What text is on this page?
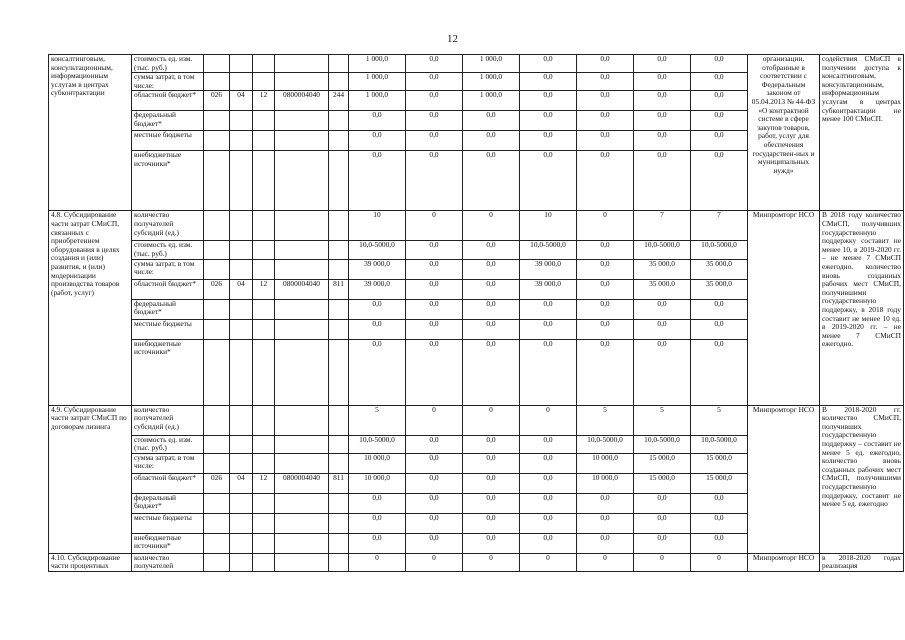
12
консалтинговым, консультационным, информационным услугам в центрах субконтрактации	стоимость ед. изм. (тыс. руб.)						1 000,0	0,0	1 000,0	0,0	0,0	0,0	0,0	организации, отобранные в соответствии с Федеральным законом от 05.04.2013 № 44-ФЗ «О контрактной системе в сфере закупов товаров, работ, услуг для обеспечения государствен-ных и муниципальных нужд»	содействия СМиСП в получении доступа к консалтинговым, консультационным, информационным услугам в центрах субконтрактации не менее 100 СМиСП.
	сумма затрат, в том числе:						1 000,0	0,0	1 000,0	0,0	0,0	0,0	0,0		
	областной бюджет*	026	04	12	0800004040	244	1 000,0	0,0	1 000,0	0,0	0,0	0,0	0,0		
	федеральный бюджет*						0,0	0,0	0,0	0,0	0,0	0,0	0,0		
	местные бюджеты						0,0	0,0	0,0	0,0	0,0	0,0	0,0		
	внебюджетные источники*						0,0	0,0	0,0	0,0	0,0	0,0	0,0		
4.8. Субсидирование части затрат СМиСП, связанных с приобретением оборудования в целях создания и (или) развития, и (или) модернизации производства товаров (работ, услуг)	количество получателей субсидий (ед.)						10	0	0	10	0	7	7	Минпромторг НСО	В 2018 году количество СМиСП, получивших государственную поддержку составит не менее 10, в 2019-2020 гг. – не менее 7 СМиСП ежегодно. количество вновь созданных рабочих мест СМиСП, получившими государственную поддержку, в 2018 году составит не менее 10 ед. в 2019-2020 гг. – не менее 7 СМиСП ежегодно.
	стоимость ед. изм. (тыс. руб.)						10,0-5000,0	0,0	0,0	10,0-5000,0	0,0	10,0-5000,0	10,0-5000,0		
	сумма затрат, в том числе:						39 000,0	0,0	0,0	39 000,0	0,0	35 000,0	35 000,0		
	областной бюджет*	026	04	12	0800004040	811	39 000,0	0,0	0,0	39 000,0	0,0	35 000,0	35 000,0		
	федеральный бюджет*						0,0	0,0	0,0	0,0	0,0	0,0	0,0		
	местные бюджеты						0,0	0,0	0,0	0,0	0,0	0,0	0,0		
	внебюджетные источники*						0,0	0,0	0,0	0,0	0,0	0,0	0,0		
4.9. Субсидирование части затрат СМиСП по договорам лизинга	количество получателей субсидий (ед.)						5	0	0	0	5	5	5	Минпромторг НСО	В 2018-2020 гг. количество СМиСП, получивших государственную поддержку – составит не менее 5 ед. ежегодно, количество вновь созданных рабочих мест СМиСП, получившими государственную поддержку, составит не менее 5 ед. ежегодно
	стоимость ед. изм. (тыс. руб.)						10,0-5000,0	0,0	0,0	0,0	10,0-5000,0	10,0-5000,0	10,0-5000,0		
	сумма затрат, в том числе:						10 000,0	0,0	0,0	0,0	10 000,0	15 000,0	15 000,0		
	областной бюджет*	026	04	12	0800004040	811	10 000,0	0,0	0,0	0,0	10 000,0	15 000,0	15 000,0		
	федеральный бюджет*						0,0	0,0	0,0	0,0	0,0	0,0	0,0		
	местные бюджеты						0,0	0,0	0,0	0,0	0,0	0,0	0,0		
	внебюджетные источники*						0,0	0,0	0,0	0,0	0,0	0,0	0,0		
4.10. Субсидирование части процентных	количество получателей						0	0	0	0	0	0	0	Минпромторг НСО	в 2018-2020 годах реализация
